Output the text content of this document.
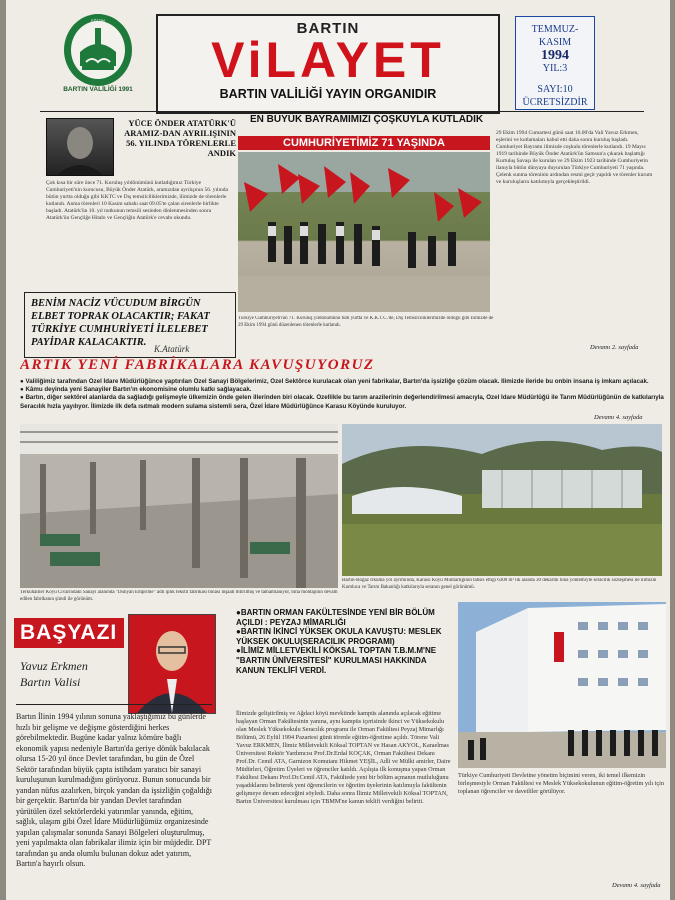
BARTIN VALİLİĞİ 1991
EĞİTİM	BARTIN
ViLAYET
BARTIN VALİLİĞİ YAYIN ORGANIDIR
TEMMUZ-KASIM
1994
YIL:3
SAYI:10
ÜCRETSİZDİR
EN BÜYÜK BAYRAMIMIZI ÇOŞKUYLA KUTLADIK
YÜCE ÖNDER ATATÜRK'Ü ARAMIZ-DAN AYRILIŞININ 56. YILINDA TÖRENLERLE ANDIK
Çok kısa bir süre önce 71. Kuruluş yıldönümünü kutladığımız Türkiye Cumhuriyeti'nin kurucusu, Büyük Önder Atatürk, aramızdan ayrılışının 56. yılında bütün yurtta olduğu gibi KKTC ve Dış temsilciliklerimizde, ilimizde de törenlerle kutlandı. Anma törenleri 10 Kasım sabahı saat 09.05'te çalan sirenlerle birlikte başladı. Atatürk'ün 10. yıl nutkunun temsili sesinden dinlenmesinden sonra Atatürk'ün Gençliğe Hitabı ve Gençliğin Atatürk'e cevabı okundu.
BENİM NACİZ VÜCUDUM BİRGÜN ELBET TOPRAK OLACAKTIR; FAKAT TÜRKİYE CUMHURİYETİ İLELEBET PAYİDAR KALACAKTIR.
K.Atatürk
CUMHURİYETİMİZ 71 YAŞINDA
29 Ekim 1994 Cumartesi günü saat 10.00'da Vali Yavuz Erkmen, eşlerini ve kutlamaları kabul etti daha sonra kuruluş başladı. Cumhuriyet Bayramı ilimizde coşkulu törenlerle kutlandı. 19 Mayıs 1919 tarihinde Büyük Önder Atatürk'ün Samsun'a çıkarak başlattığı Kurtuluş Savaşı ile kurulan ve 29 Ekim 1923 tarihinde Cumhuriyetin ilanıyla bütün dünyaya duyurulan Türkiye Cumhuriyeti 71 yaşında. Çelenk sunma töreninin ardından resmi geçit yapıldı ve törenler kurum ve kuruluşların katılımıyla gerçekleştirildi.
Türkiye Cumhuriyeti'nin 71. Kuruluş yıldönümünü tüm yurtta ve K.K.T.C.'de, Dış Temsilciliklerimizde olduğu gibi İlimizde de 29 Ekim 1994 günü düzenlenen törenlerle kutlandı.
Devamı 2. sayfada
ARTIK YENİ FABRİKALARA KAVUŞUYORUZ
● Valiliğimiz tarafından Özel İdare Müdürlüğünce yaptırılan Özel Sanayi Bölgelerimiz, Özel Sektörce kurulacak olan yeni fabrikalar, Bartın'da işsizliğe çözüm olacak. İlimizde ileride bu onbin insana iş imkanı açılacak.
● Kâmu deyinda yeni Sanayiler Bartın'ın ekonomisine olumlu katkı sağlayacak.
● Bartın, diğer sektörel alanlarda da sağladığı gelişmeyle ülkemizin önde gelen illerinden biri olacak. Özellikle bu tarım arazilerinin değerlendirilmesi amacıyla, Özel İdare Müdürlüğü ile Tarım Müdürlüğünün de katkılarıyla Seracılık hızla yayılıyor. İlimizde ilk defa ısıtmalı modern sulama sistemli sera, Özel İdare Müdürlüğünce Karasu Köyünde kuruluyor.
Devamı 4. sayfada
Terkuhaliler Köyü Civarındaki Sanayi alanında "Dünyan Emprime" adlı iplik tekstil fabrikası binası inşaatı bitirilmiş ve tamamlanıyor, bina montajının devam edilen fabrikanın şimdi ile görünüm.
Bartın-Boğaz İrkuma yol ayrımında, Karasu Köyü Muhtarlığının tahsis ettiği 6300 m² lik alanda 30 dekarlık bina yöntemiyle seracılık sözleşmesi ile ilimizin Kumluca ve Tarım Bakanlığı katkılarıyla seranın genel görünümü.
BAŞYAZI
Yavuz Erkmen
Bartın Valisi
Bartın İlinin 1994 yılının sonuna yaklaştığımız bu günlerde hızlı bir gelişme ve değişme gösterdiğini herkes görebilmektedir. Bugüne kadar yalnız kömüre bağlı ekonomik yapısı nedeniyle Bartın'da geriye dönük bakılacak olursa 15-20 yıl önce Devlet tarafından, bu gün de Özel Sektör tarafından büyük çapta istihdam yaratıcı bir sanayi kuruluşunun kurulmadığını görüyoruz. Bunun sonucunda bir yandan nüfus azalırken, birçok yandan da işsizliğin çoğaldığı bir gerçektir. Bartın'da bir yandan Devlet tarafından yürütülen özel sektörlerdeki yatırımlar yanında, eğitim, sağlık, ulaşım gibi Özel İdare Müdürlüğümüz organizesinde yapılan çalışmalar sonunda Sanayi Bölgeleri oluşturulmuş, yeni yapılmakta olan fabrikalar ilimiz için bir müjdedir. DPT tarafından şu anda olumlu bulunan dokuz adet yatırım, Bartın'a hayırlı olsun.
●BARTIN ORMAN FAKÜLTESİNDE YENİ BİR BÖLÜM AÇILDI : PEYZAJ MİMARLIĞI
●BARTIN İKİNCİ YÜKSEK OKULA KAVUŞTU: MESLEK YÜKSEK OKULU(SERACILIK PROGRAMI)
●İLİMİZ MİLLETVEKİLİ KÖKSAL TOPTAN T.B.M.M'NE "BARTIN ÜNİVERSİTESİ" KURULMASI HAKKINDA KANUN TEKLİFİ VERDİ.
İlimizde geliştirilmiş ve Ağdaci köyü mevkiinde kampüs alanında açılacak eğitime başlayan Orman Fakültesinin yanına, aynı kampüs içerisinde ikinci ve Yüksekokulu olan Meslek Yüksekokulu Seracılık programı ile Orman Fakültesi Peyzaj Mimarlığı Bölümü, 26 Eylül 1994 Pazartesi günü törenle eğitim-öğretime açıldı. Törene Vali Yavuz ERKMEN, İlimiz Milletvekili Köksal TOPTAN ve Hasan AKYOL, Karaelmas Üniversitesi Rektör Yardımcısı Prof.Dr.Erdal KOÇAK, Orman Fakültesi Dekanı Prof.Dr. Cemil ATA, Garnizon Komutanı Hikmet YEŞİL, Adli ve Mülki amirler, Daire Müdürleri, Öğretim Üyeleri ve öğrenciler katıldı. Açılışta ilk konuşma yapan Orman Fakültesi Dekanı Prof.Dr.Cemil ATA, Fakültede yeni bir bölüm açmanın mutluluğunu yaşadıklarını belirterek yeni öğrencilerin ve öğretim üyelerinin katılımıyla fakültenin gelişmeye devam edeceğini söyledi. Daha sonra İlimiz Milletvekili Köksal TOPTAN, Bartın Üniversitesi kurulması için TBMM'ne kanun teklifi verdiğini belirtti.
Türkiye Cumhuriyeti Devletine yönetim biçimini veren, iki temel ilkemizin birleşmesiyle Orman Fakültesi ve Meslek Yüksekokulunun eğitim-öğretim yılı için toplanan öğrenciler ve davetliler görülüyor.
Devamı 4. sayfada
